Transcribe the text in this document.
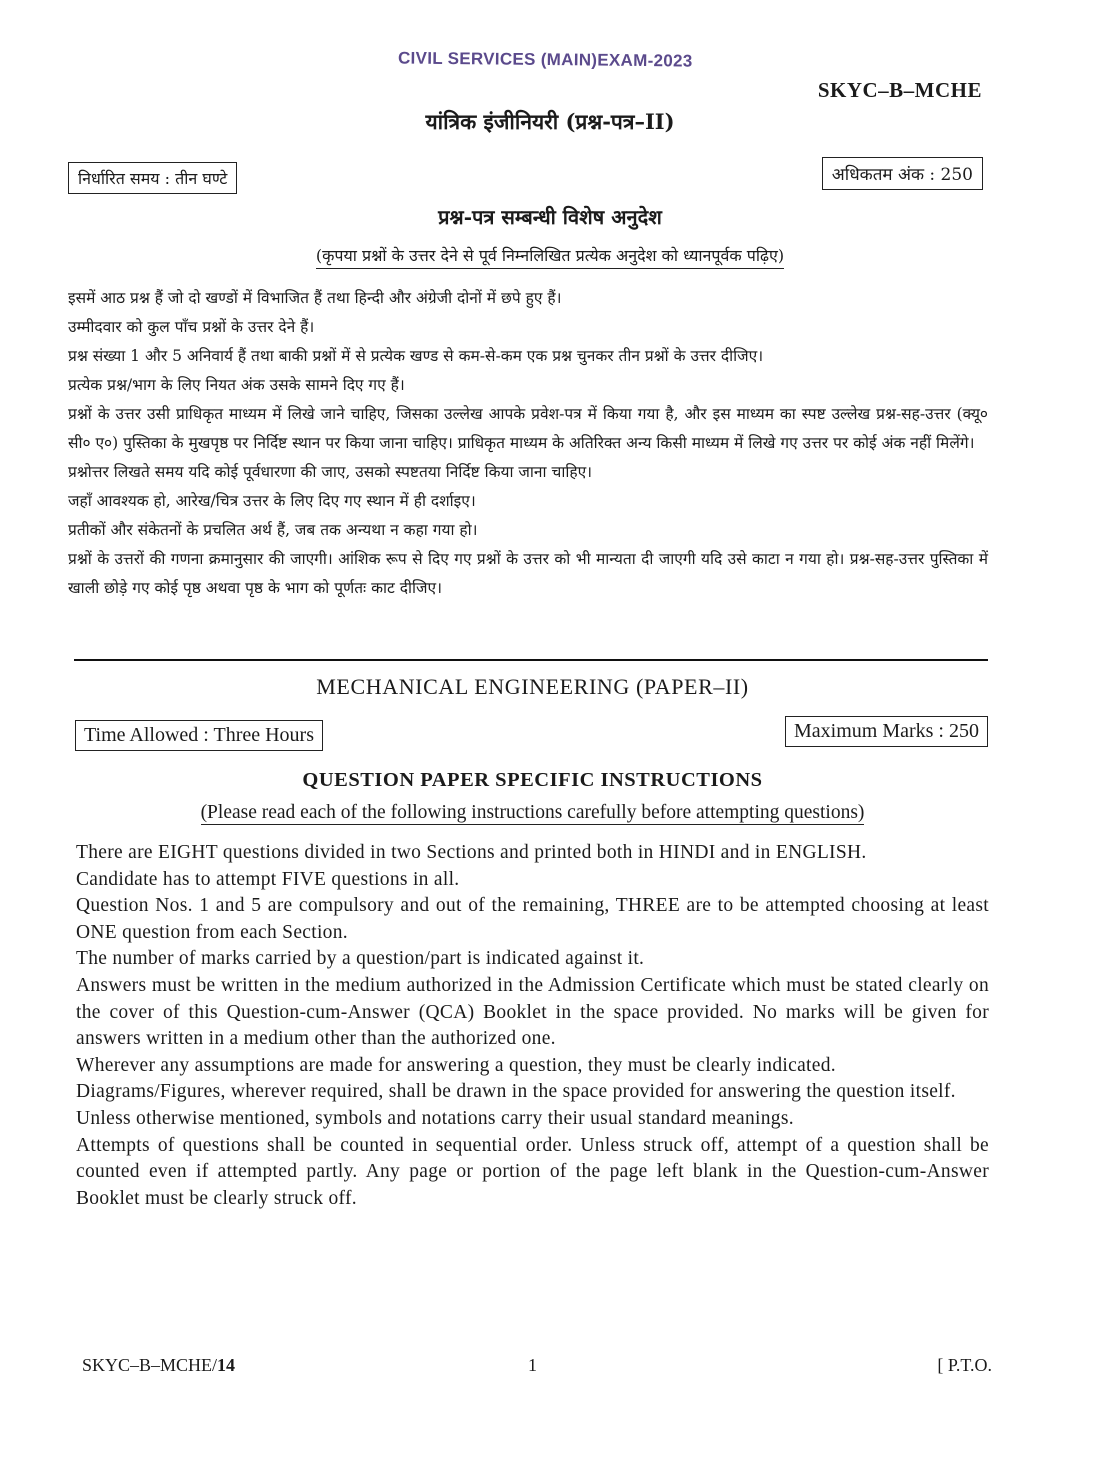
CIVIL SERVICES (MAIN)EXAM-2023
SKYC–B–MCHE
यांत्रिक इंजीनियरी (प्रश्न-पत्र–II)
निर्धारित समय : तीन घण्टे	अधिकतम अंक : 250
प्रश्न-पत्र सम्बन्धी विशेष अनुदेश
(कृपया प्रश्नों के उत्तर देने से पूर्व निम्नलिखित प्रत्येक अनुदेश को ध्यानपूर्वक पढ़िए)

इसमें आठ प्रश्न हैं जो दो खण्डों में विभाजित हैं तथा हिन्दी और अंग्रेजी दोनों में छपे हुए हैं।

उम्मीदवार को कुल पाँच प्रश्नों के उत्तर देने हैं।

प्रश्न संख्या 1 और 5 अनिवार्य हैं तथा बाकी प्रश्नों में से प्रत्येक खण्ड से कम-से-कम एक प्रश्न चुनकर तीन प्रश्नों के उत्तर दीजिए।

प्रत्येक प्रश्न/भाग के लिए नियत अंक उसके सामने दिए गए हैं।

प्रश्नों के उत्तर उसी प्राधिकृत माध्यम में लिखे जाने चाहिए, जिसका उल्लेख आपके प्रवेश-पत्र में किया गया है, और इस माध्यम का स्पष्ट उल्लेख प्रश्न-सह-उत्तर (क्यू० सी० ए०) पुस्तिका के मुखपृष्ठ पर निर्दिष्ट स्थान पर किया जाना चाहिए। प्राधिकृत माध्यम के अतिरिक्त अन्य किसी माध्यम में लिखे गए उत्तर पर कोई अंक नहीं मिलेंगे।

प्रश्नोत्तर लिखते समय यदि कोई पूर्वधारणा की जाए, उसको स्पष्टतया निर्दिष्ट किया जाना चाहिए।

जहाँ आवश्यक हो, आरेख/चित्र उत्तर के लिए दिए गए स्थान में ही दर्शाइए।

प्रतीकों और संकेतनों के प्रचलित अर्थ हैं, जब तक अन्यथा न कहा गया हो।

प्रश्नों के उत्तरों की गणना क्रमानुसार की जाएगी। आंशिक रूप से दिए गए प्रश्नों के उत्तर को भी मान्यता दी जाएगी यदि उसे काटा न गया हो। प्रश्न-सह-उत्तर पुस्तिका में खाली छोड़े गए कोई पृष्ठ अथवा पृष्ठ के भाग को पूर्णतः काट दीजिए।

MECHANICAL ENGINEERING (PAPER–II)
Time Allowed : Three Hours	Maximum Marks : 250
QUESTION PAPER SPECIFIC INSTRUCTIONS
(Please read each of the following instructions carefully before attempting questions)

There are EIGHT questions divided in two Sections and printed both in HINDI and in ENGLISH.

Candidate has to attempt FIVE questions in all.

Question Nos. 1 and 5 are compulsory and out of the remaining, THREE are to be attempted choosing at least ONE question from each Section.

The number of marks carried by a question/part is indicated against it.

Answers must be written in the medium authorized in the Admission Certificate which must be stated clearly on the cover of this Question-cum-Answer (QCA) Booklet in the space provided. No marks will be given for answers written in a medium other than the authorized one.

Wherever any assumptions are made for answering a question, they must be clearly indicated.

Diagrams/Figures, wherever required, shall be drawn in the space provided for answering the question itself.

Unless otherwise mentioned, symbols and notations carry their usual standard meanings.

Attempts of questions shall be counted in sequential order. Unless struck off, attempt of a question shall be counted even if attempted partly. Any page or portion of the page left blank in the Question-cum-Answer Booklet must be clearly struck off.

SKYC–B–MCHE/14	1	[ P.T.O.
